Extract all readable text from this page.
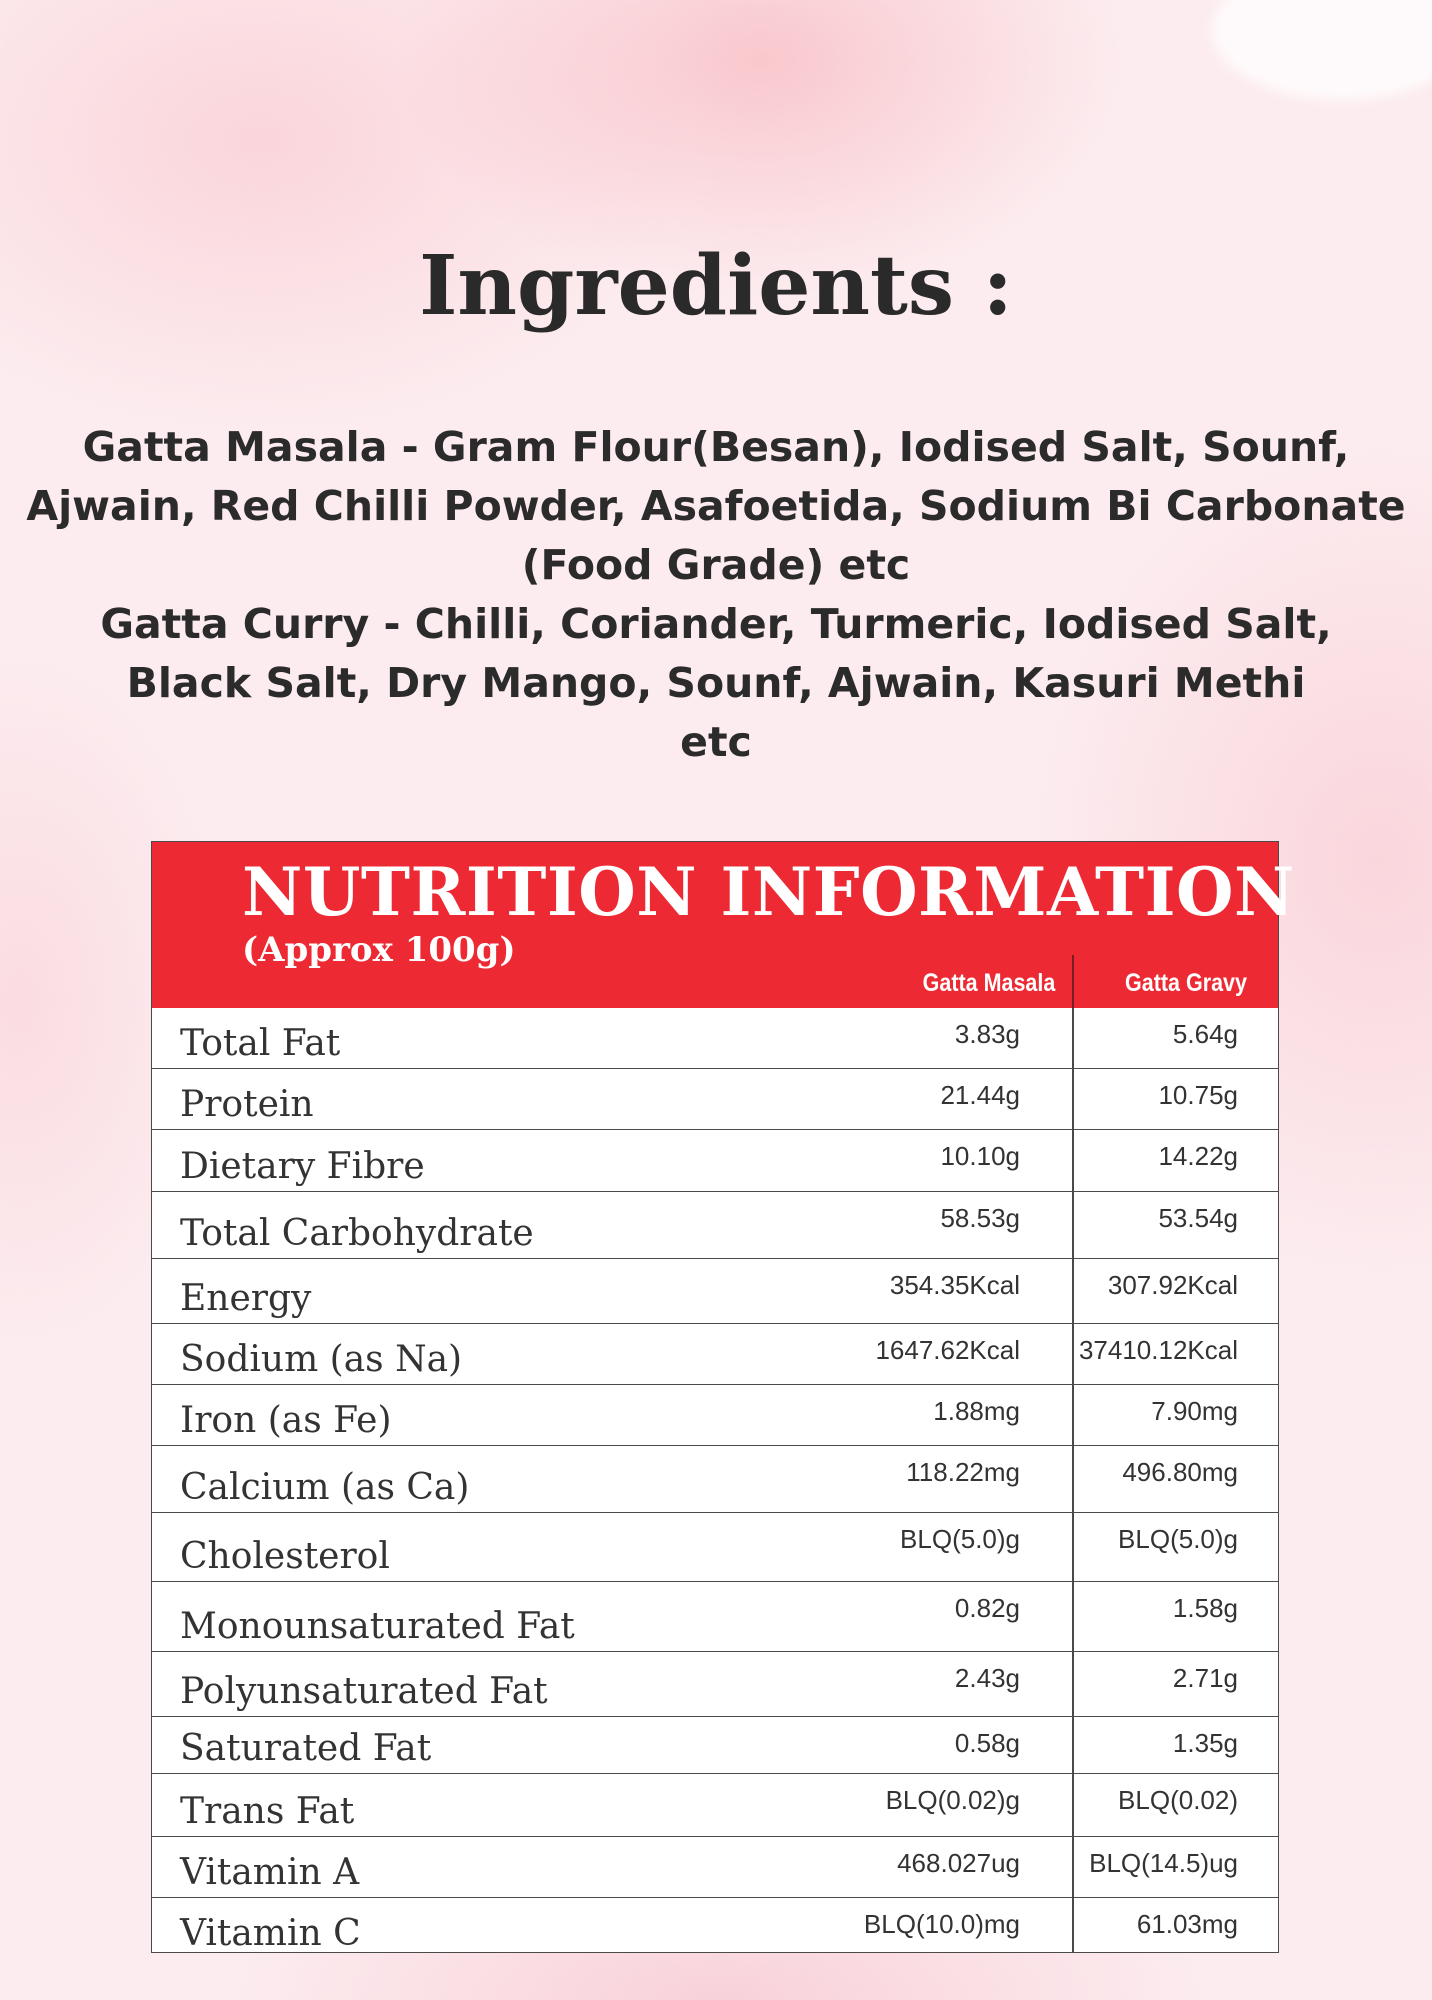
Ingredients :
Gatta Masala - Gram Flour(Besan), Iodised Salt, Sounf,
Ajwain, Red Chilli Powder, Asafoetida, Sodium Bi Carbonate
(Food Grade) etc
Gatta Curry - Chilli, Coriander, Turmeric, Iodised Salt,
Black Salt, Dry Mango, Sounf, Ajwain, Kasuri Methi
etc
NUTRITION INFORMATION
(Approx 100g)
Gatta Masala	Gatta Gravy
Total Fat	3.83g	5.64g
Protein	21.44g	10.75g
Dietary Fibre	10.10g	14.22g
Total Carbohydrate	58.53g	53.54g
Energy	354.35Kcal	307.92Kcal
Sodium (as Na)	1647.62Kcal 37410.12Kcal
Iron (as Fe)	1.88mg	7.90mg
Calcium (as Ca)	118.22mg	496.80mg
Cholesterol	BLQ(5.0)g	BLQ(5.0)g
Monounsaturated Fat	0.82g	1.58g
Polyunsaturated Fat	2.43g	2.71g
Saturated Fat	0.58g	1.35g
Trans Fat	BLQ(0.02)g	BLQ(0.02)
Vitamin A	468.027ug	BLQ(14.5)ug
Vitamin C	BLQ(10.0)mg	61.03mg
